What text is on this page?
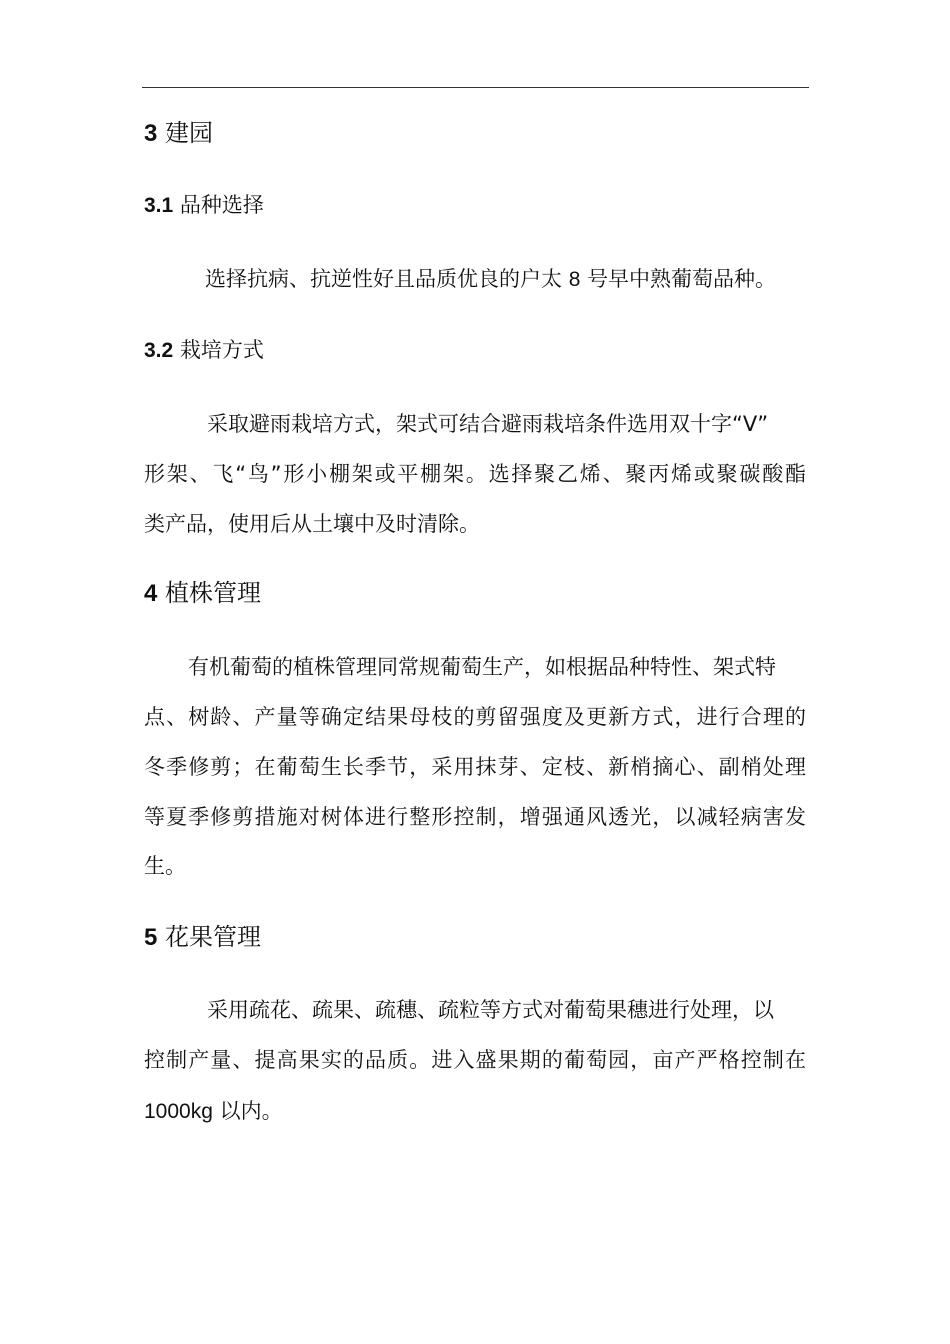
3 建园
3.1 品种选择
选择抗病、抗逆性好且品质优良的户太 8 号早中熟葡萄品种。
3.2 栽培方式
采取避雨栽培方式，架式可结合避雨栽培条件选用双十字“V”
形架、飞“鸟”形小棚架或平棚架。选择聚乙烯、聚丙烯或聚碳酸酯
类产品，使用后从土壤中及时清除。
4 植株管理
有机葡萄的植株管理同常规葡萄生产，如根据品种特性、架式特
点、树龄、产量等确定结果母枝的剪留强度及更新方式，进行合理的
冬季修剪；在葡萄生长季节，采用抹芽、定枝、新梢摘心、副梢处理
等夏季修剪措施对树体进行整形控制，增强通风透光，以减轻病害发
生。
5 花果管理
采用疏花、疏果、疏穗、疏粒等方式对葡萄果穗进行处理，以
控制产量、提高果实的品质。进入盛果期的葡萄园，亩产严格控制在
1000kg 以内。
